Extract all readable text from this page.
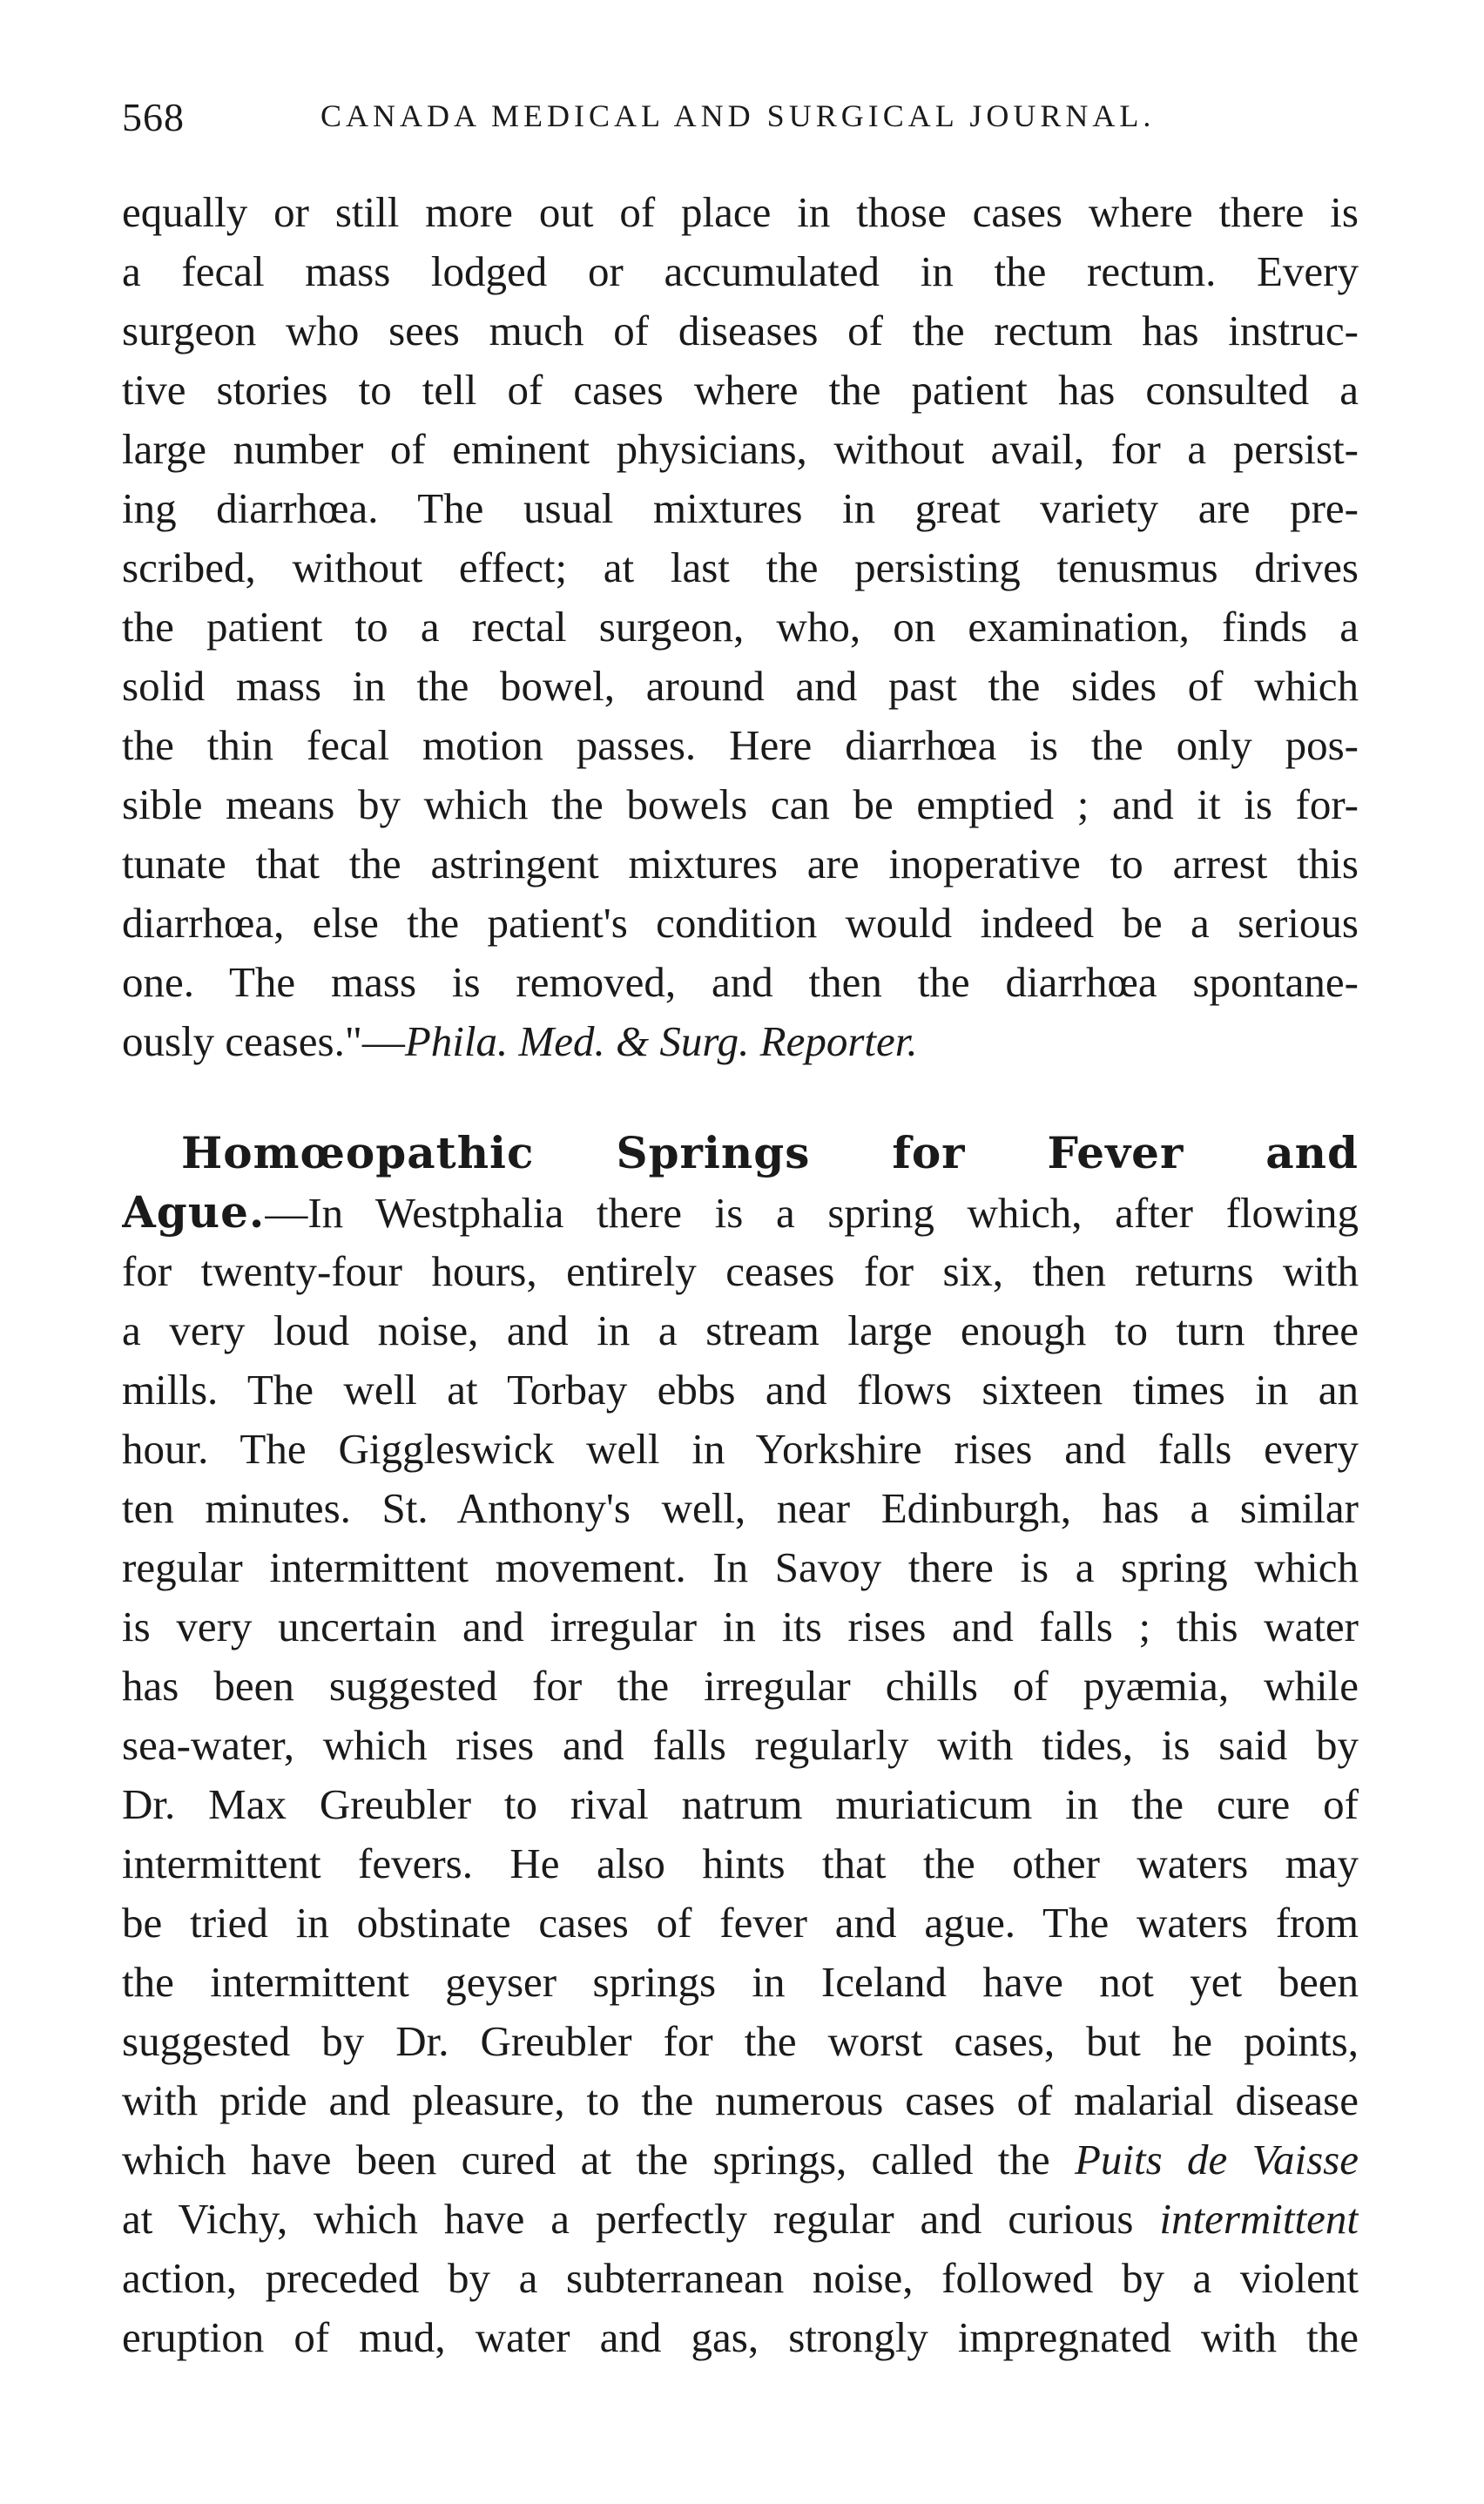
568	CANADA MEDICAL AND SURGICAL JOURNAL.
equally or still more out of place in those cases where there is
a fecal mass lodged or accumulated in the rectum. Every
surgeon who sees much of diseases of the rectum has instruc-
tive stories to tell of cases where the patient has consulted a
large number of eminent physicians, without avail, for a persist-
ing diarrhœa. The usual mixtures in great variety are pre-
scribed, without effect; at last the persisting tenusmus drives
the patient to a rectal surgeon, who, on examination, finds a
solid mass in the bowel, around and past the sides of which
the thin fecal motion passes. Here diarrhœa is the only pos-
sible means by which the bowels can be emptied ; and it is for-
tunate that the astringent mixtures are inoperative to arrest this
diarrhœa, else the patient's condition would indeed be a serious
one. The mass is removed, and then the diarrhœa spontane-
ously ceases."—Phila. Med. & Surg. Reporter.
Homœopathic Springs for Fever and
Ague.—In Westphalia there is a spring which, after flowing
for twenty-four hours, entirely ceases for six, then returns with
a very loud noise, and in a stream large enough to turn three
mills. The well at Torbay ebbs and flows sixteen times in an
hour. The Giggleswick well in Yorkshire rises and falls every
ten minutes. St. Anthony's well, near Edinburgh, has a similar
regular intermittent movement. In Savoy there is a spring which
is very uncertain and irregular in its rises and falls ; this water
has been suggested for the irregular chills of pyæmia, while
sea-water, which rises and falls regularly with tides, is said by
Dr. Max Greubler to rival natrum muriaticum in the cure of
intermittent fevers. He also hints that the other waters may
be tried in obstinate cases of fever and ague. The waters from
the intermittent geyser springs in Iceland have not yet been
suggested by Dr. Greubler for the worst cases, but he points,
with pride and pleasure, to the numerous cases of malarial disease
which have been cured at the springs, called the Puits de Vaisse
at Vichy, which have a perfectly regular and curious intermittent
action, preceded by a subterranean noise, followed by a violent
eruption of mud, water and gas, strongly impregnated with the
